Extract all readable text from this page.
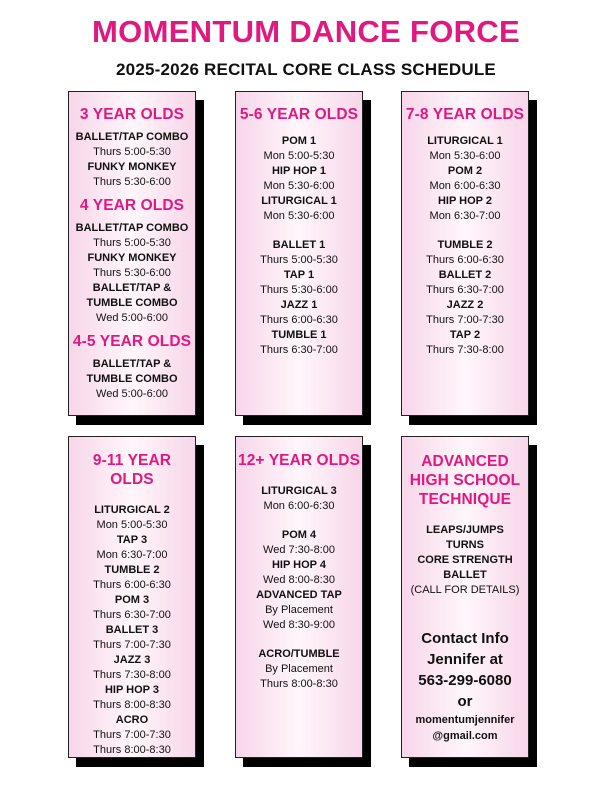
MOMENTUM DANCE FORCE
2025-2026 RECITAL CORE CLASS SCHEDULE
3 YEAR OLDS
BALLET/TAP COMBO
Thurs 5:00-5:30
FUNKY MONKEY
Thurs 5:30-6:00
4 YEAR OLDS
BALLET/TAP COMBO
Thurs 5:00-5:30
FUNKY MONKEY
Thurs 5:30-6:00
BALLET/TAP &
TUMBLE COMBO
Wed 5:00-6:00
4-5 YEAR OLDS
BALLET/TAP &
TUMBLE COMBO
Wed 5:00-6:00
5-6 YEAR OLDS
POM 1
Mon 5:00-5:30
HIP HOP 1
Mon 5:30-6:00
LITURGICAL 1
Mon 5:30-6:00
BALLET 1
Thurs 5:00-5:30
TAP 1
Thurs 5:30-6:00
JAZZ 1
Thurs 6:00-6:30
TUMBLE 1
Thurs 6:30-7:00
7-8 YEAR OLDS
LITURGICAL 1
Mon 5:30-6:00
POM 2
Mon 6:00-6:30
HIP HOP 2
Mon 6:30-7:00
TUMBLE 2
Thurs 6:00-6:30
BALLET 2
Thurs 6:30-7:00
JAZZ 2
Thurs 7:00-7:30
TAP 2
Thurs 7:30-8:00
9-11 YEAR OLDS
LITURGICAL 2
Mon 5:00-5:30
TAP 3
Mon 6:30-7:00
TUMBLE 2
Thurs 6:00-6:30
POM 3
Thurs 6:30-7:00
BALLET 3
Thurs 7:00-7:30
JAZZ 3
Thurs 7:30-8:00
HIP HOP 3
Thurs 8:00-8:30
ACRO
Thurs 7:00-7:30
Thurs 8:00-8:30
12+ YEAR OLDS
LITURGICAL 3
Mon 6:00-6:30
POM 4
Wed 7:30-8:00
HIP HOP 4
Wed 8:00-8:30
ADVANCED TAP
By Placement
Wed 8:30-9:00
ACRO/TUMBLE
By Placement
Thurs 8:00-8:30
ADVANCED
HIGH SCHOOL
TECHNIQUE
LEAPS/JUMPS
TURNS
CORE STRENGTH
BALLET
(CALL FOR DETAILS)
Contact Info
Jennifer at
563-299-6080
or
momentumjennifer
@gmail.com
